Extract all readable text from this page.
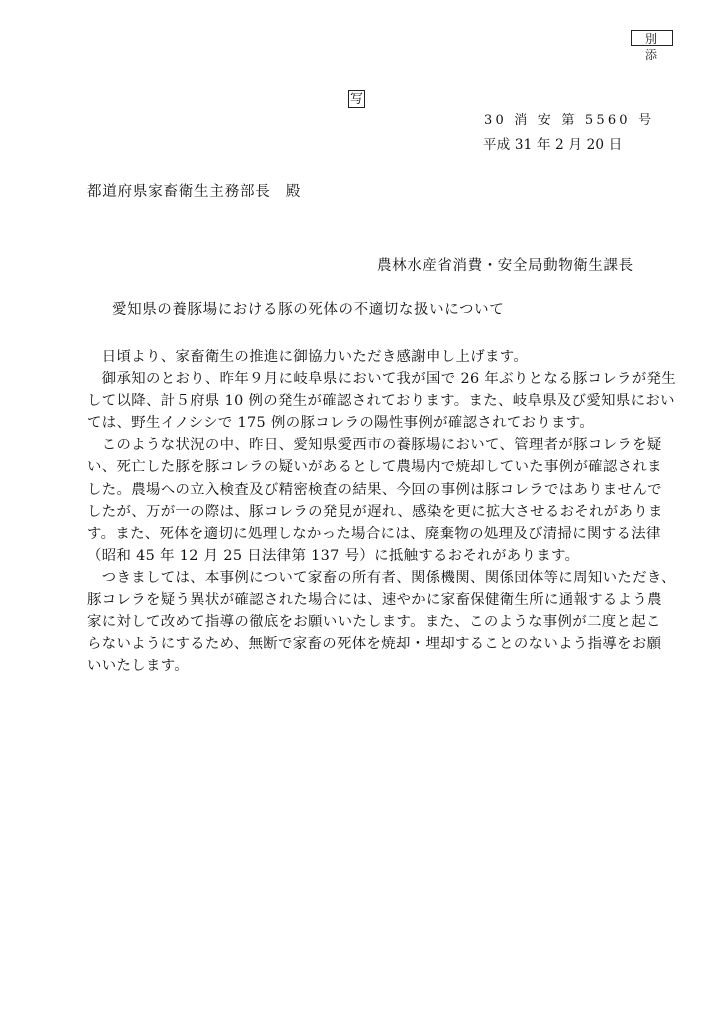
別 添
写
30 消 安 第 5560 号
平成 31 年 2 月 20 日
都道府県家畜衛生主務部長　殿
農林水産省消費・安全局動物衛生課長
愛知県の養豚場における豚の死体の不適切な扱いについて
　日頃より、家畜衛生の推進に御協力いただき感謝申し上げます。
　御承知のとおり、昨年９月に岐阜県において我が国で 26 年ぶりとなる豚コレラが発生
して以降、計５府県 10 例の発生が確認されております。また、岐阜県及び愛知県におい
ては、野生イノシシで 175 例の豚コレラの陽性事例が確認されております。
　このような状況の中、昨日、愛知県愛西市の養豚場において、管理者が豚コレラを疑
い、死亡した豚を豚コレラの疑いがあるとして農場内で焼却していた事例が確認されま
した。農場への立入検査及び精密検査の結果、今回の事例は豚コレラではありませんで
したが、万が一の際は、豚コレラの発見が遅れ、感染を更に拡大させるおそれがありま
す。また、死体を適切に処理しなかった場合には、廃棄物の処理及び清掃に関する法律
（昭和 45 年 12 月 25 日法律第 137 号）に抵触するおそれがあります。
　つきましては、本事例について家畜の所有者、関係機関、関係団体等に周知いただき、
豚コレラを疑う異状が確認された場合には、速やかに家畜保健衛生所に通報するよう農
家に対して改めて指導の徹底をお願いいたします。また、このような事例が二度と起こ
らないようにするため、無断で家畜の死体を焼却・埋却することのないよう指導をお願
いいたします。
